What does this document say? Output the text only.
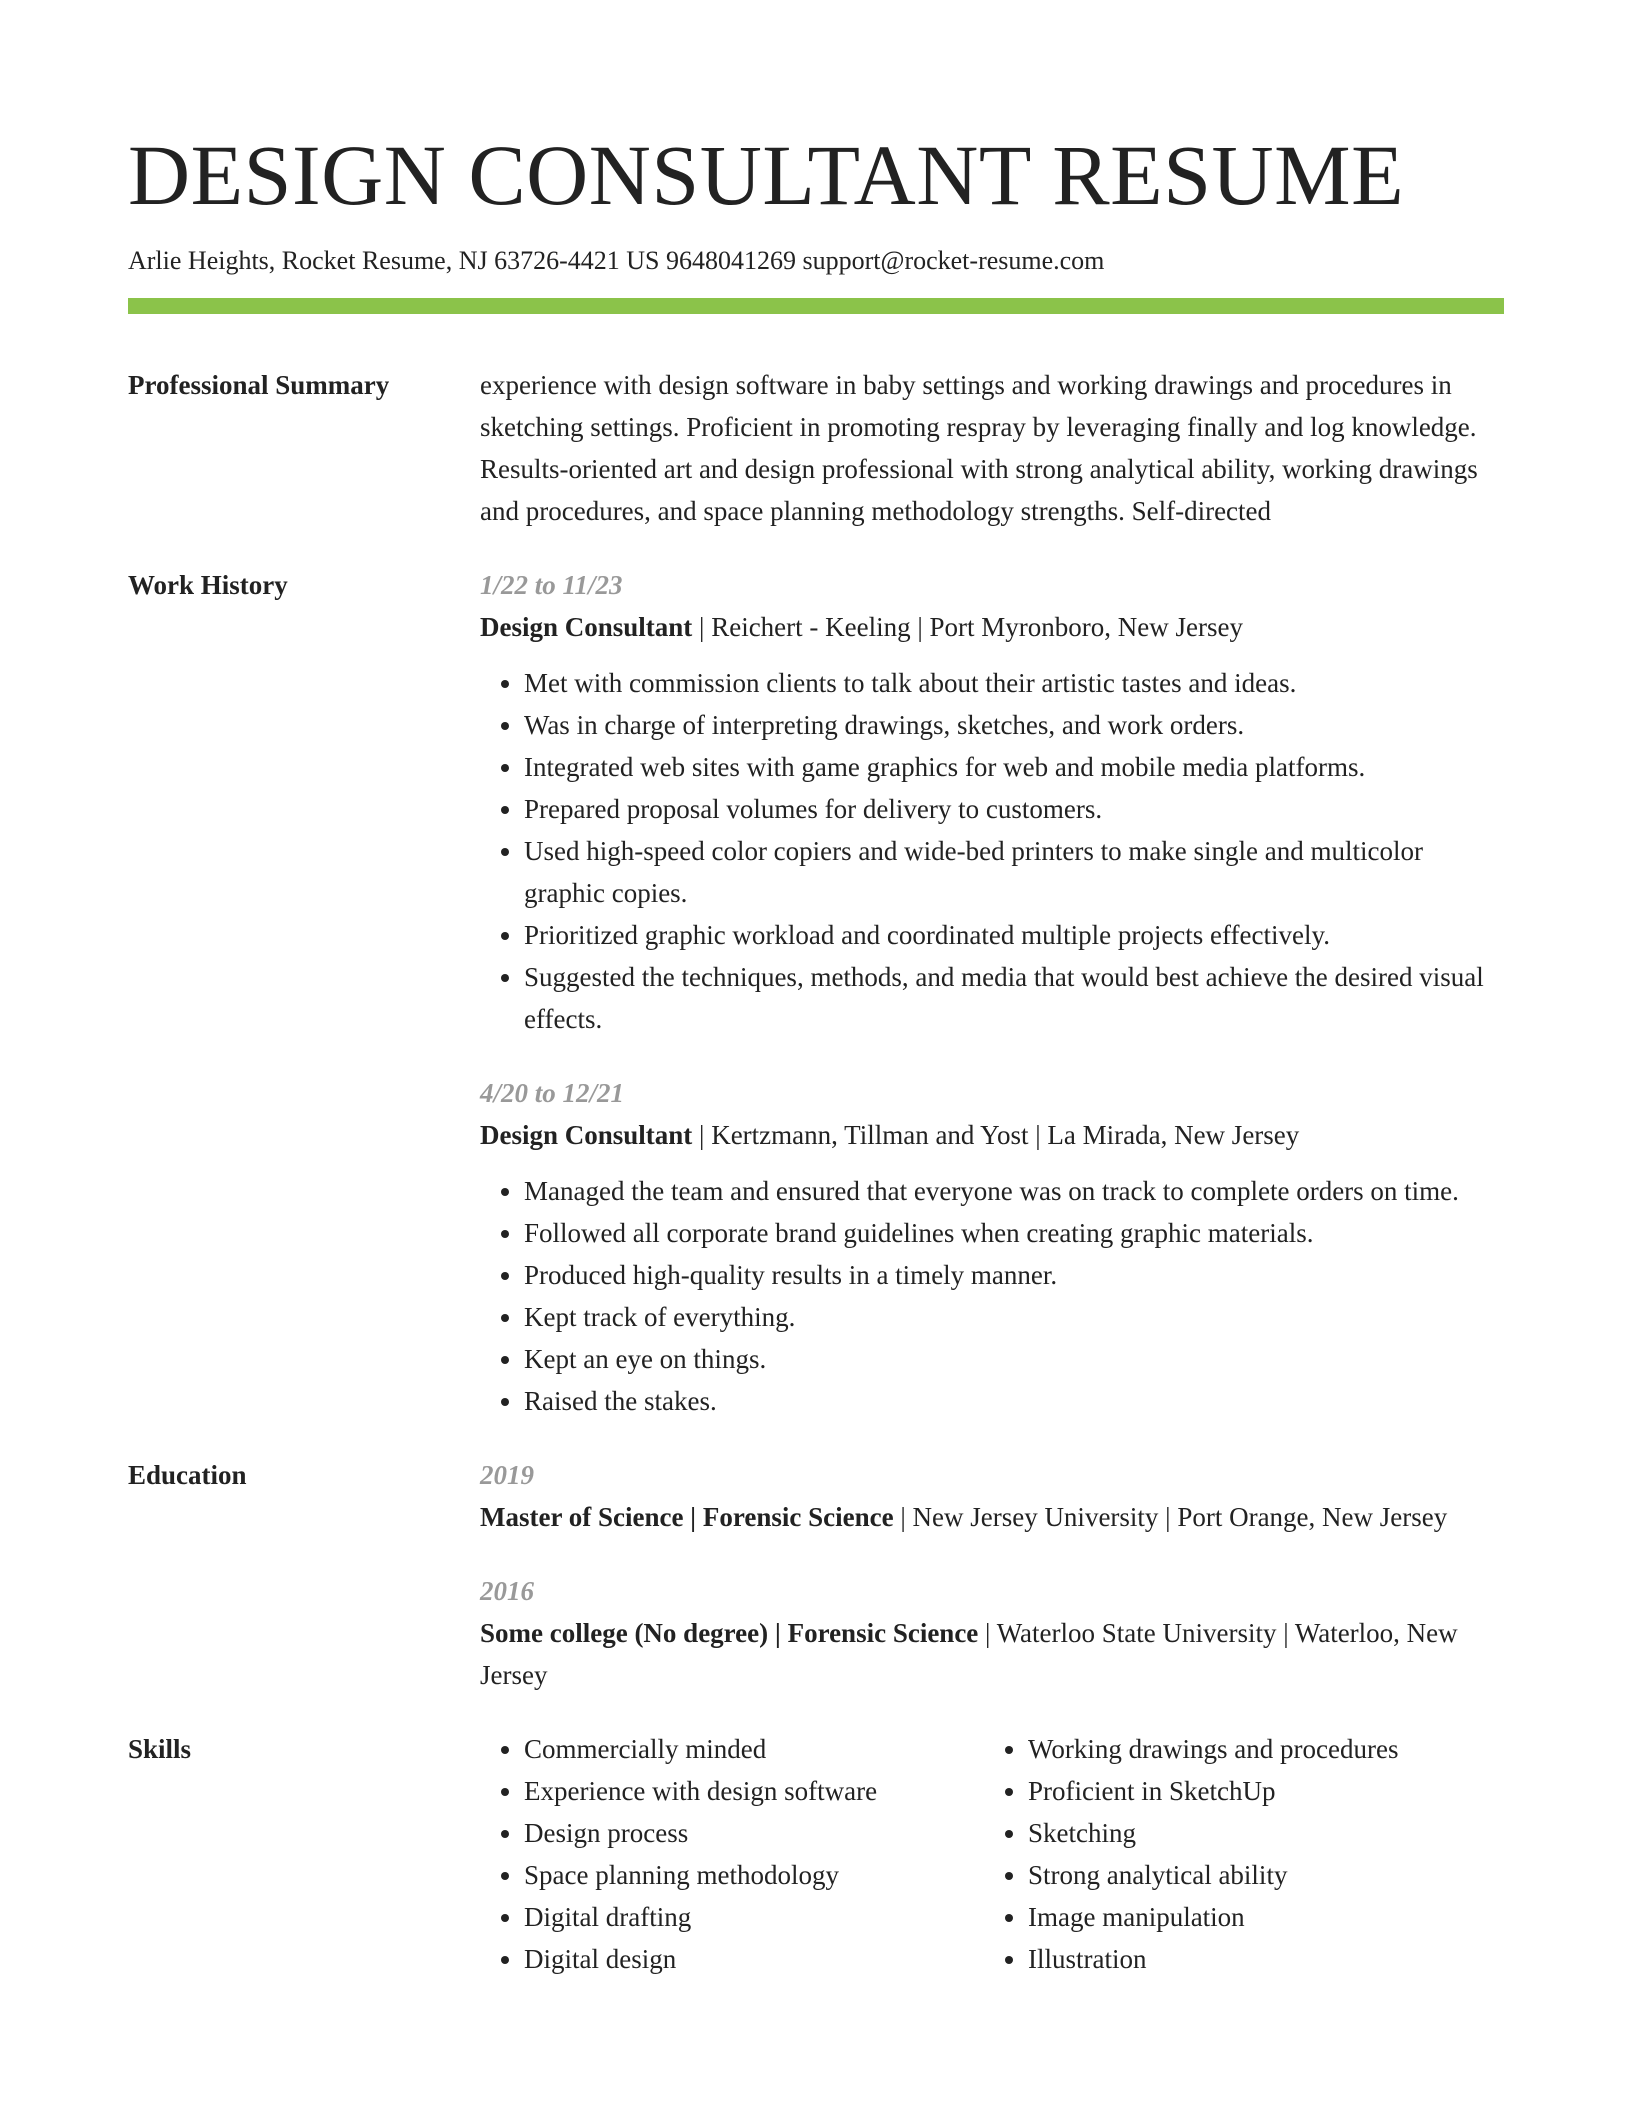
DESIGN CONSULTANT RESUME
Arlie Heights, Rocket Resume, NJ 63726-4421 US 9648041269 support@rocket-resume.com
Professional Summary	experience with design software in baby settings and working drawings and procedures in sketching settings. Proficient in promoting respray by leveraging finally and log knowledge. Results-oriented art and design professional with strong analytical ability, working drawings and procedures, and space planning methodology strengths. Self-directed
Work History	1/22 to 11/23
Design Consultant | Reichert - Keeling | Port Myronboro, New Jersey
• Met with commission clients to talk about their artistic tastes and ideas.
• Was in charge of interpreting drawings, sketches, and work orders.
• Integrated web sites with game graphics for web and mobile media platforms.
• Prepared proposal volumes for delivery to customers.
• Used high-speed color copiers and wide-bed printers to make single and multicolor graphic copies.
• Prioritized graphic workload and coordinated multiple projects effectively.
• Suggested the techniques, methods, and media that would best achieve the desired visual effects.
4/20 to 12/21
Design Consultant | Kertzmann, Tillman and Yost | La Mirada, New Jersey
• Managed the team and ensured that everyone was on track to complete orders on time.
• Followed all corporate brand guidelines when creating graphic materials.
• Produced high-quality results in a timely manner.
• Kept track of everything.
• Kept an eye on things.
• Raised the stakes.
Education	2019
Master of Science | Forensic Science | New Jersey University | Port Orange, New Jersey
2016
Some college (No degree) | Forensic Science | Waterloo State University | Waterloo, New Jersey
Skills
•	Commercially minded
• Experience with design software
• Design process
• Space planning methodology
• Digital drafting
• Digital design
• Working drawings and procedures
• Proficient in SketchUp
• Sketching
• Strong analytical ability
• Image manipulation
• Illustration
